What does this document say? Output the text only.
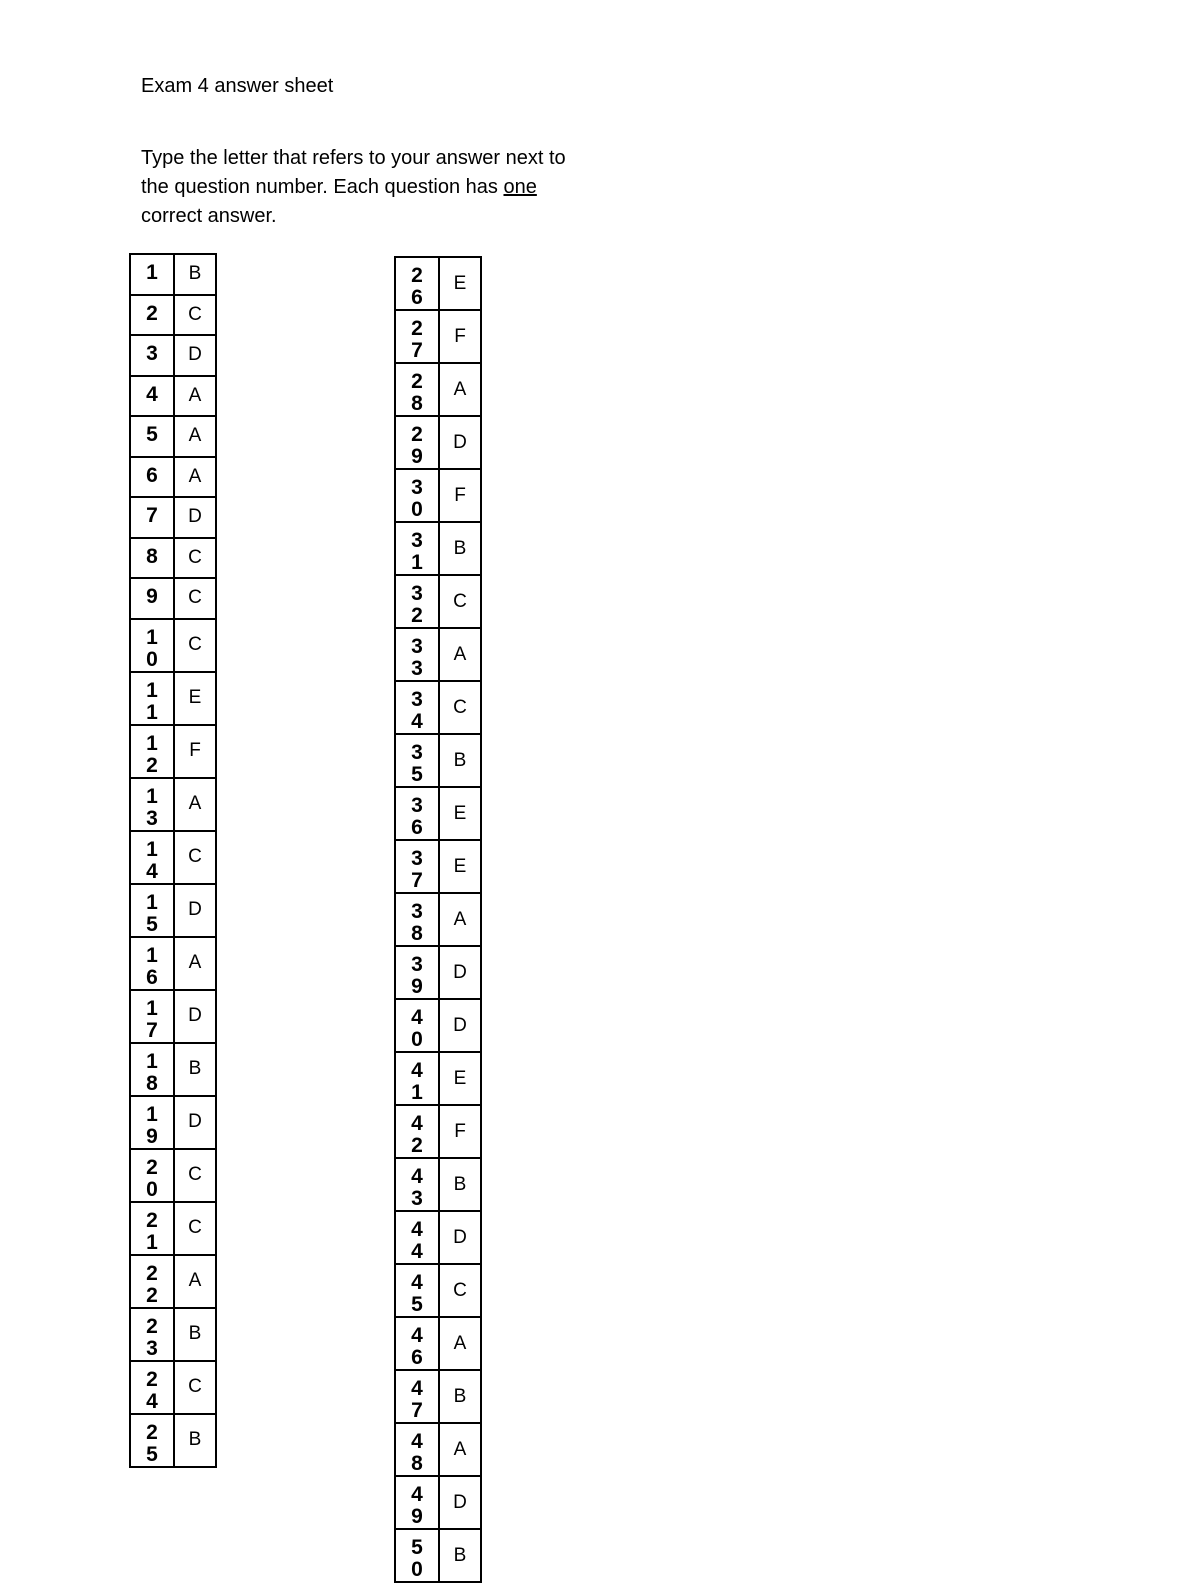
Exam 4 answer sheet
Type the letter that refers to your answer next to the question number. Each question has one correct answer.
1	B
2	C
3	D
4	A
5	A
6	A
7	D
8	C
9	C
10	C
11	E
12	F
13	A
14	C
15	D
16	A
17	D
18	B
19	D
20	C
21	C
22	A
23	B
24	C
25	B
26	E
27	F
28	A
29	D
30	F
31	B
32	C
33	A
34	C
35	B
36	E
37	E
38	A
39	D
40	D
41	E
42	F
43	B
44	D
45	C
46	A
47	B
48	A
49	D
50	B
